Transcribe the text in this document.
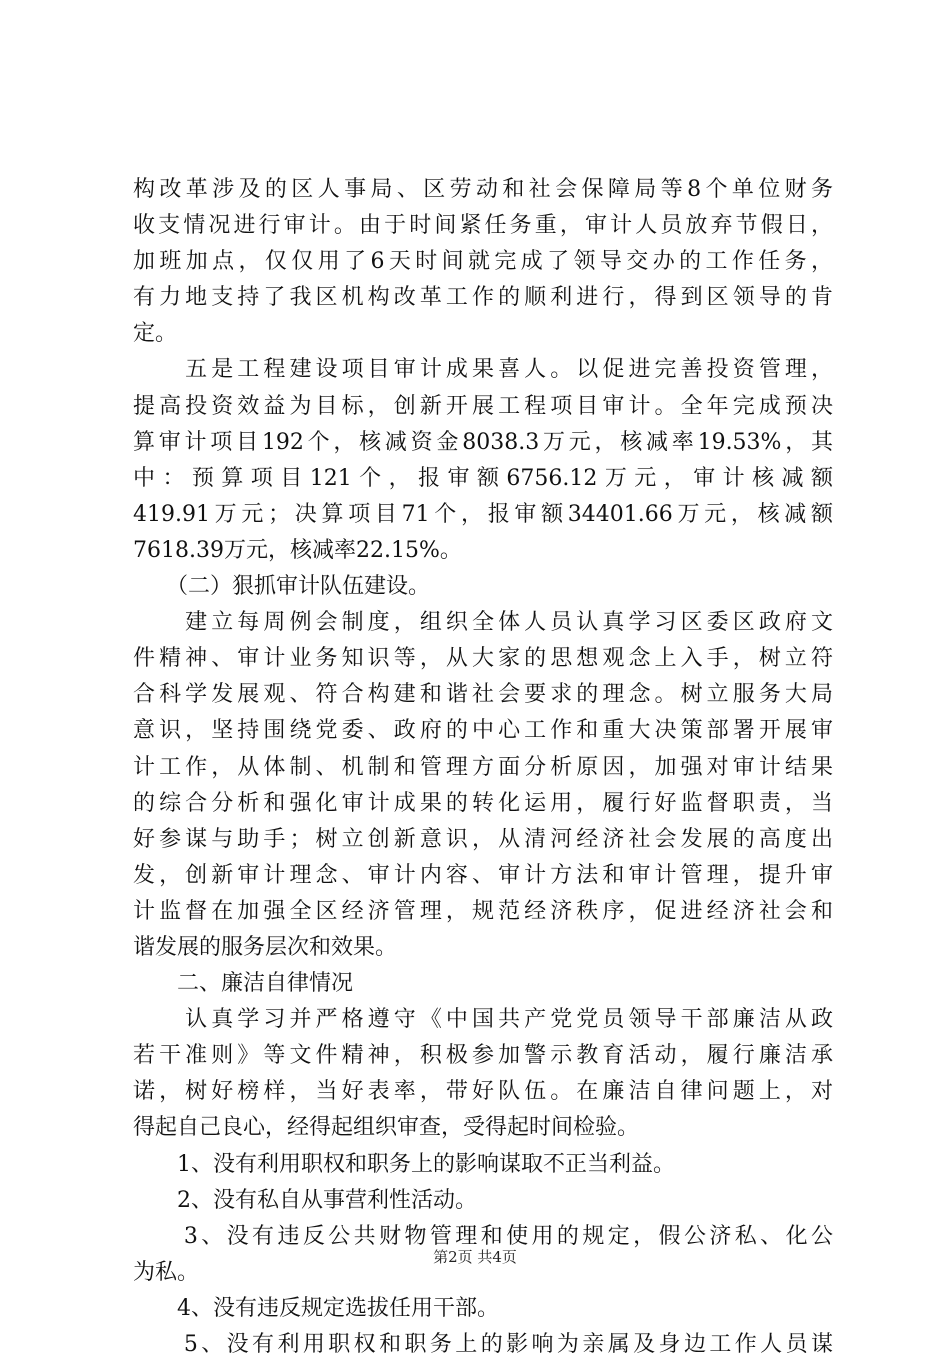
构改革涉及的区人事局、区劳动和社会保障局等8个单位财务
收支情况进行审计。由于时间紧任务重，审计人员放弃节假日，
加班加点，仅仅用了6天时间就完成了领导交办的工作任务，
有力地支持了我区机构改革工作的顺利进行，得到区领导的肯
定。
　　五是工程建设项目审计成果喜人。以促进完善投资管理，
提高投资效益为目标，创新开展工程项目审计。全年完成预决
算审计项目192个，核减资金8038.3万元，核减率19.53%，其
中：预算项目121个，报审额6756.12万元，审计核减额
419.91万元；决算项目71个，报审额34401.66万元，核减额
7618.39万元，核减率22.15%。
　　（二）狠抓审计队伍建设。
　　建立每周例会制度，组织全体人员认真学习区委区政府文
件精神、审计业务知识等，从大家的思想观念上入手，树立符
合科学发展观、符合构建和谐社会要求的理念。树立服务大局
意识，坚持围绕党委、政府的中心工作和重大决策部署开展审
计工作，从体制、机制和管理方面分析原因，加强对审计结果
的综合分析和强化审计成果的转化运用，履行好监督职责，当
好参谋与助手；树立创新意识，从清河经济社会发展的高度出
发，创新审计理念、审计内容、审计方法和审计管理，提升审
计监督在加强全区经济管理，规范经济秩序，促进经济社会和
谐发展的服务层次和效果。
　　二、廉洁自律情况
　　认真学习并严格遵守《中国共产党党员领导干部廉洁从政
若干准则》等文件精神，积极参加警示教育活动，履行廉洁承
诺，树好榜样，当好表率，带好队伍。在廉洁自律问题上，对
得起自己良心，经得起组织审查，受得起时间检验。
　　1、没有利用职权和职务上的影响谋取不正当利益。
　　2、没有私自从事营利性活动。
　　3、没有违反公共财物管理和使用的规定，假公济私、化公
为私。
　　4、没有违反规定选拔任用干部。
　　5、没有利用职权和职务上的影响为亲属及身边工作人员谋
第2页 共4页
